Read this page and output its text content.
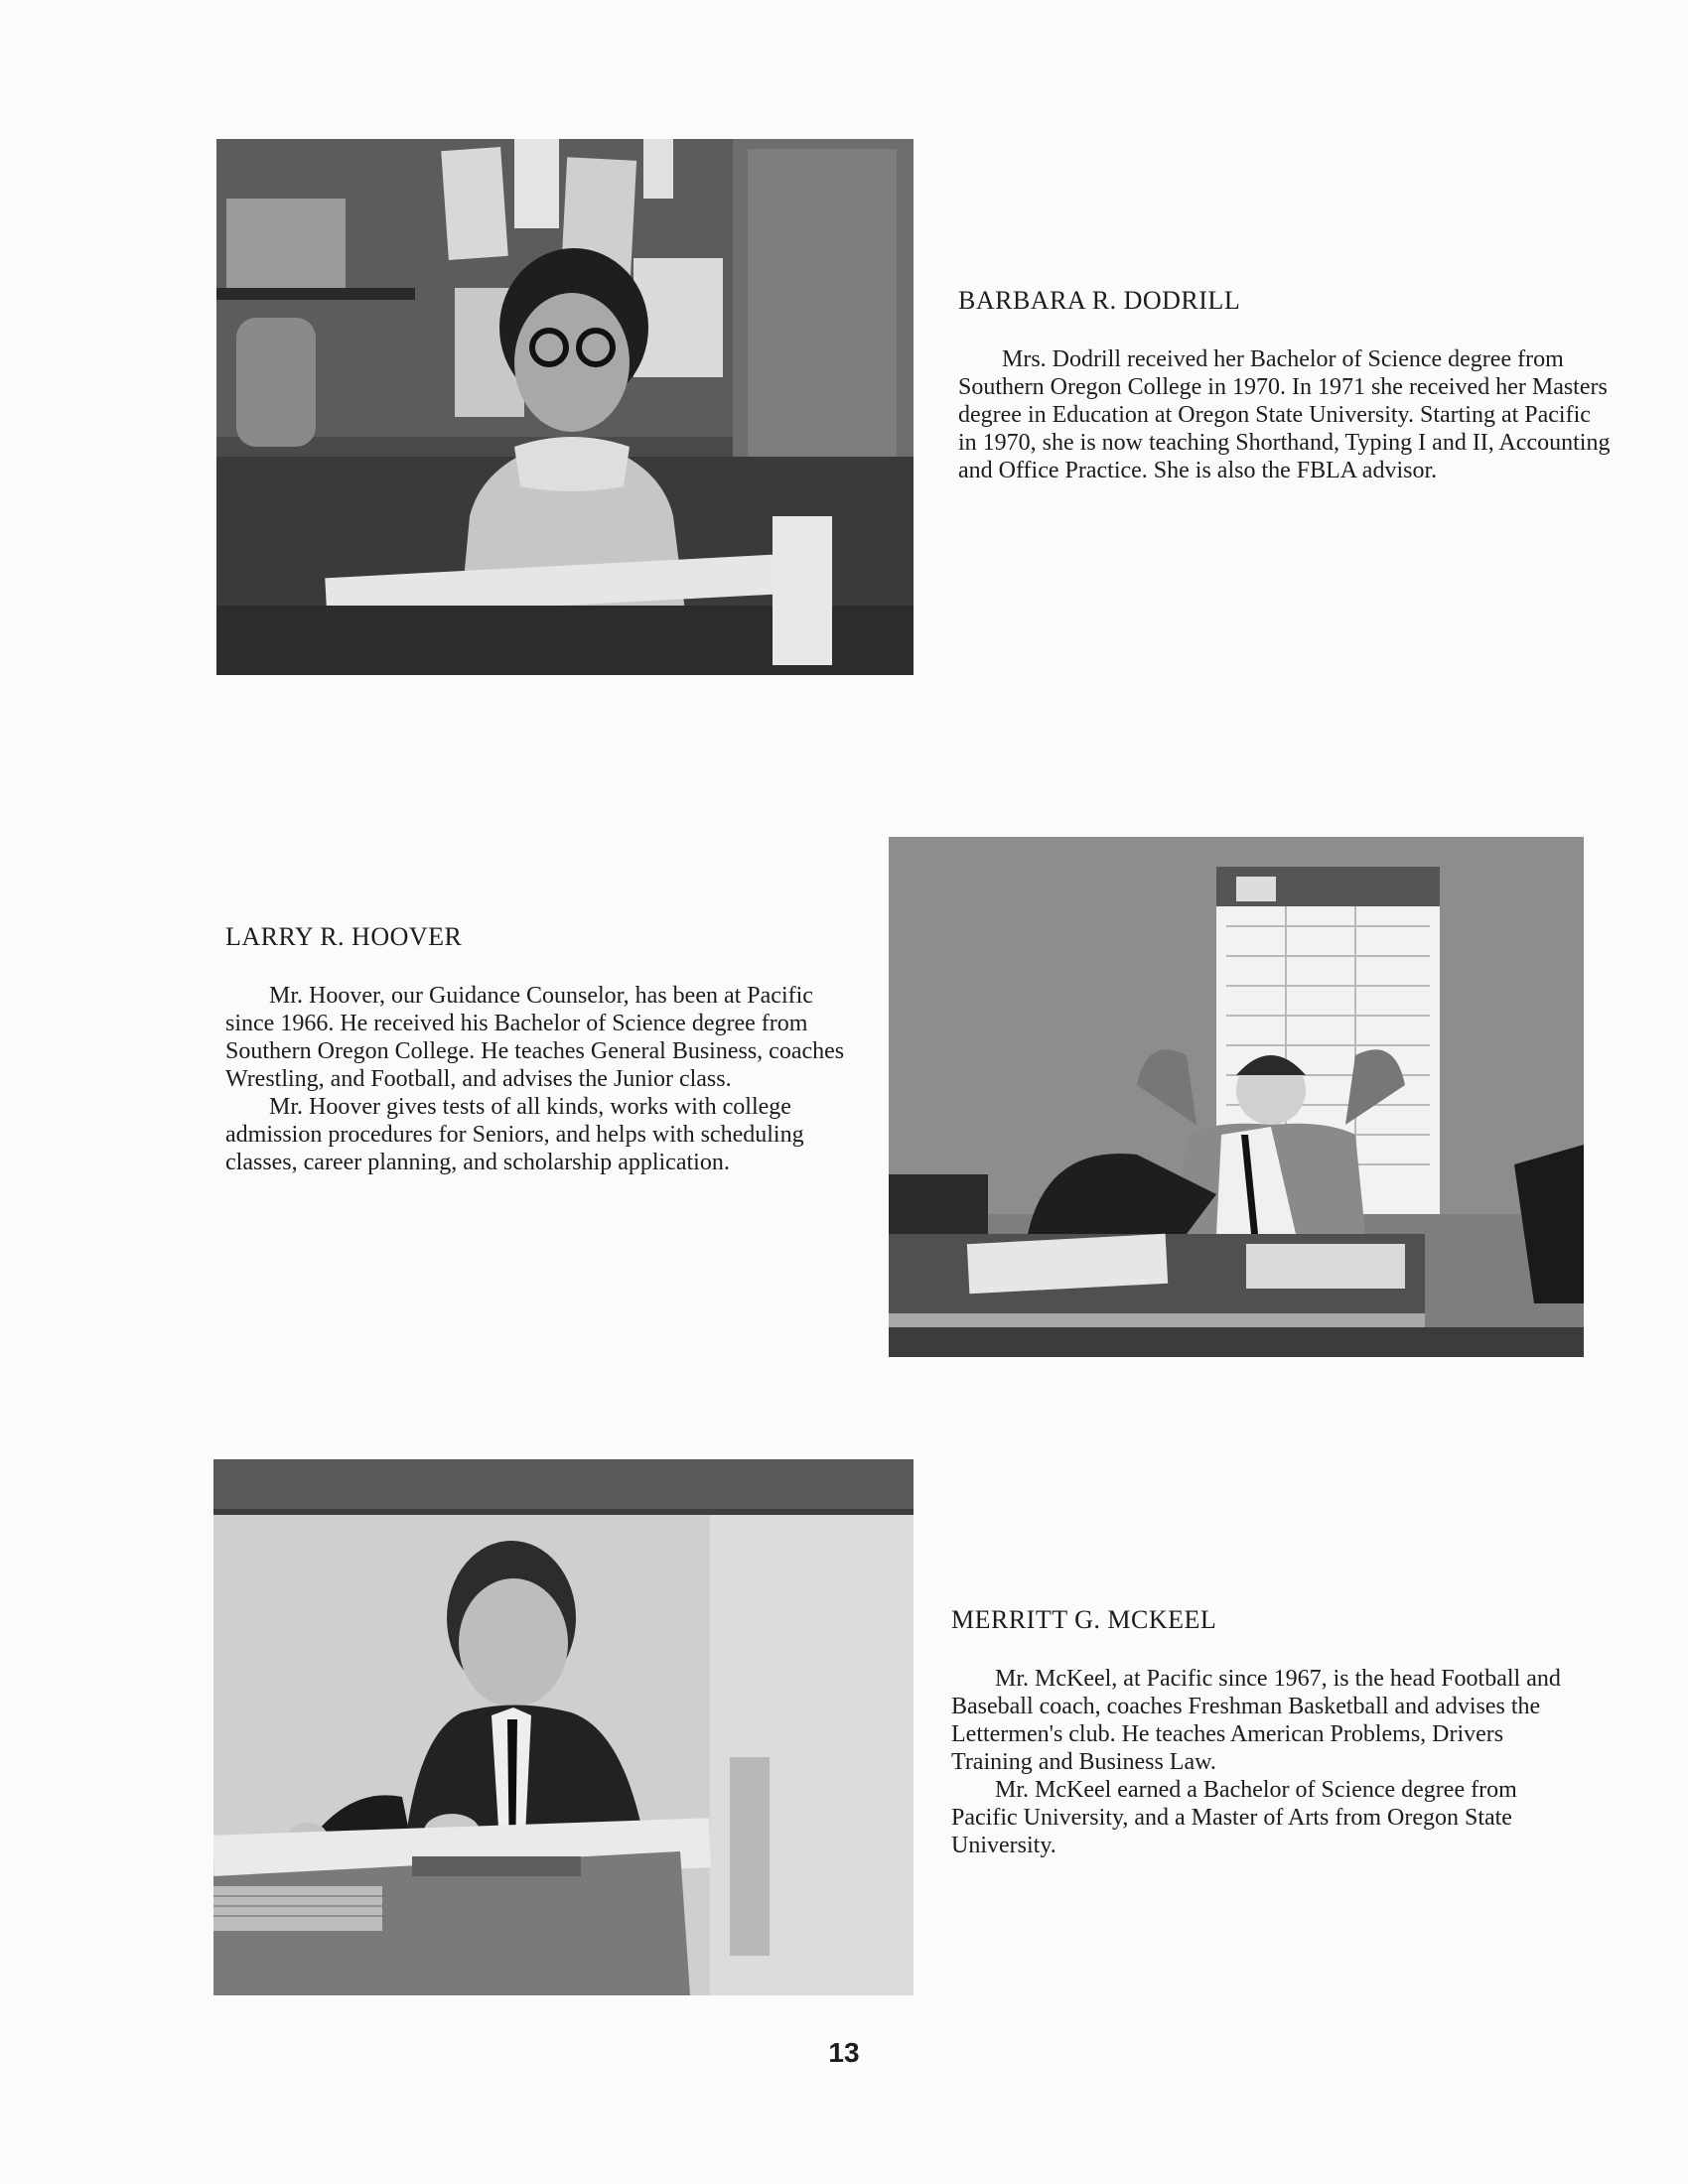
BARBARA R. DODRILL

Mrs. Dodrill received her Bachelor of Science degree from Southern Oregon College in 1970. In 1971 she received her Masters degree in Education at Oregon State University. Starting at Pacific in 1970, she is now teaching Shorthand, Typing I and II, Accounting and Office Practice. She is also the FBLA advisor.

LARRY R. HOOVER

Mr. Hoover, our Guidance Counselor, has been at Pacific since 1966. He received his Bachelor of Science degree from Southern Oregon College. He teaches General Business, coaches Wrestling, and Football, and advises the Junior class.

Mr. Hoover gives tests of all kinds, works with college admission procedures for Seniors, and helps with scheduling classes, career planning, and scholarship application.

MERRITT G. MCKEEL

Mr. McKeel, at Pacific since 1967, is the head Football and Baseball coach, coaches Freshman Basketball and advises the Lettermen's club. He teaches American Problems, Drivers Training and Business Law.

Mr. McKeel earned a Bachelor of Science degree from Pacific University, and a Master of Arts from Oregon State University.

13
